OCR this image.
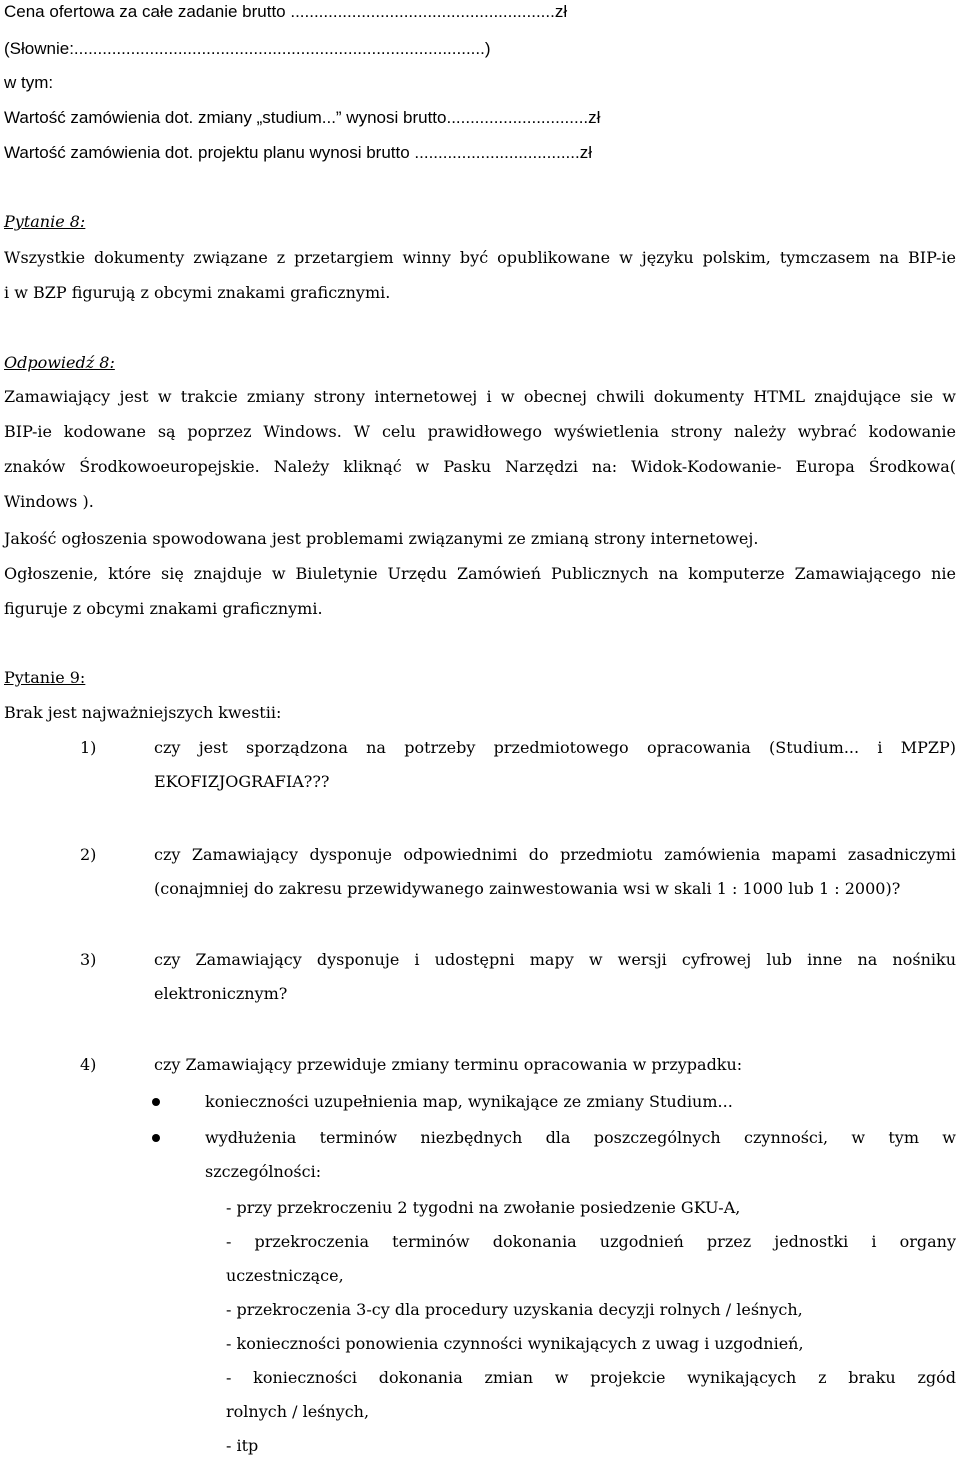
Cena ofertowa za całe zadanie brutto ........................................................zł
(Słownie:.......................................................................................)
w tym:
Wartość zamówienia dot. zmiany „studium...” wynosi brutto..............................zł
Wartość zamówienia dot. projektu planu wynosi brutto ...................................zł
Pytanie 8:
Wszystkie dokumenty związane z przetargiem winny być opublikowane w języku polskim, tymczasem na BIP-ie
i w BZP figurują z obcymi znakami graficznymi.
Odpowiedź 8:
Zamawiający jest w trakcie zmiany strony internetowej i w obecnej chwili dokumenty HTML znajdujące sie w
BIP-ie kodowane są poprzez Windows. W celu prawidłowego wyświetlenia strony należy wybrać kodowanie
znaków Środkowoeuropejskie. Należy kliknąć w Pasku Narzędzi na: Widok-Kodowanie- Europa Środkowa(
Windows ).
Jakość ogłoszenia spowodowana jest problemami związanymi ze zmianą strony internetowej.
Ogłoszenie, które się znajduje w Biuletynie Urzędu Zamówień Publicznych na komputerze Zamawiającego nie
figuruje z obcymi znakami graficznymi.
Pytanie 9:
Brak jest najważniejszych kwestii:
1)	czy jest sporządzona na potrzeby przedmiotowego opracowania (Studium... i MPZP)
EKOFIZJOGRAFIA???
2)	czy Zamawiający dysponuje odpowiednimi do przedmiotu zamówienia mapami zasadniczymi
(conajmniej do zakresu przewidywanego zainwestowania wsi w skali 1 : 1000 lub 1 : 2000)?
3)	czy Zamawiający dysponuje i udostępni mapy w wersji cyfrowej lub inne na nośniku
elektronicznym?
4)	czy Zamawiający przewiduje zmiany terminu opracowania w przypadku:
konieczności uzupełnienia map, wynikające ze zmiany Studium...
wydłużenia terminów niezbędnych dla poszczególnych czynności, w tym w
szczególności:
- przy przekroczeniu 2 tygodni na zwołanie posiedzenie GKU-A,
- przekroczenia terminów dokonania uzgodnień przez jednostki i organy
uczestniczące,
- przekroczenia 3-cy dla procedury uzyskania decyzji rolnych / leśnych,
- konieczności ponowienia czynności wynikających z uwag i uzgodnień,
- konieczności dokonania zmian w projekcie wynikających z braku zgód
rolnych / leśnych,
- itp
